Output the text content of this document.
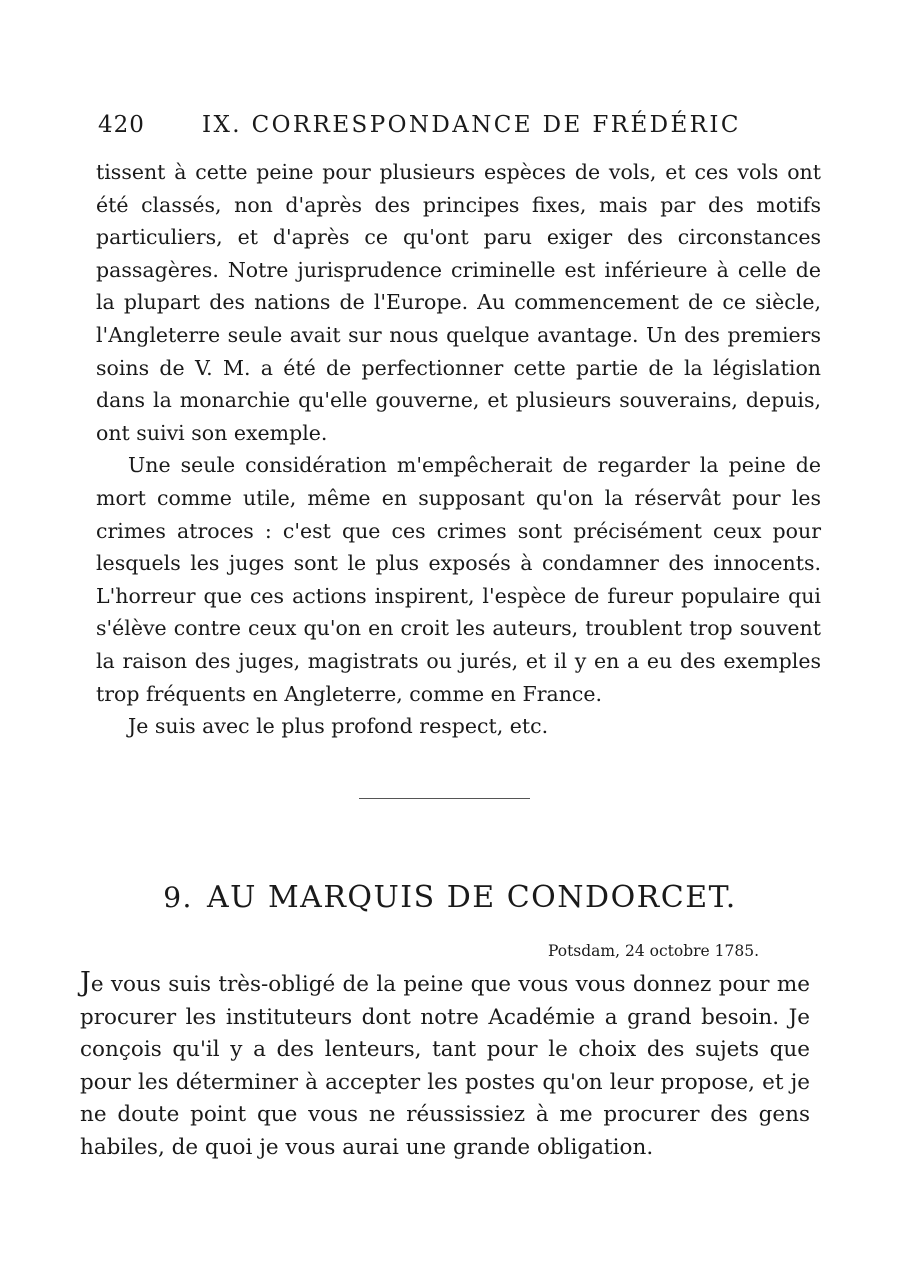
420 IX. CORRESPONDANCE DE FRÉDÉRIC

tissent à cette peine pour plusieurs espèces de vols, et ces vols ont été classés, non d'après des principes fixes, mais par des motifs particuliers, et d'après ce qu'ont paru exiger des circonstances passagères. Notre jurisprudence criminelle est inférieure à celle de la plupart des nations de l'Europe. Au commencement de ce siècle, l'Angleterre seule avait sur nous quelque avantage. Un des premiers soins de V. M. a été de perfectionner cette partie de la législation dans la monarchie qu'elle gouverne, et plusieurs souverains, depuis, ont suivi son exemple.

Une seule considération m'empêcherait de regarder la peine de mort comme utile, même en supposant qu'on la réservât pour les crimes atroces : c'est que ces crimes sont précisément ceux pour lesquels les juges sont le plus exposés à condamner des innocents. L'horreur que ces actions inspirent, l'espèce de fureur populaire qui s'élève contre ceux qu'on en croit les auteurs, troublent trop souvent la raison des juges, magistrats ou jurés, et il y en a eu des exemples trop fréquents en Angleterre, comme en France.

Je suis avec le plus profond respect, etc.

9. AU MARQUIS DE CONDORCET.
Potsdam, 24 octobre 1785.

Je vous suis très-obligé de la peine que vous vous donnez pour me procurer les instituteurs dont notre Académie a grand besoin. Je conçois qu'il y a des lenteurs, tant pour le choix des sujets que pour les déterminer à accepter les postes qu'on leur propose, et je ne doute point que vous ne réussissiez à me procurer des gens habiles, de quoi je vous aurai une grande obligation.
